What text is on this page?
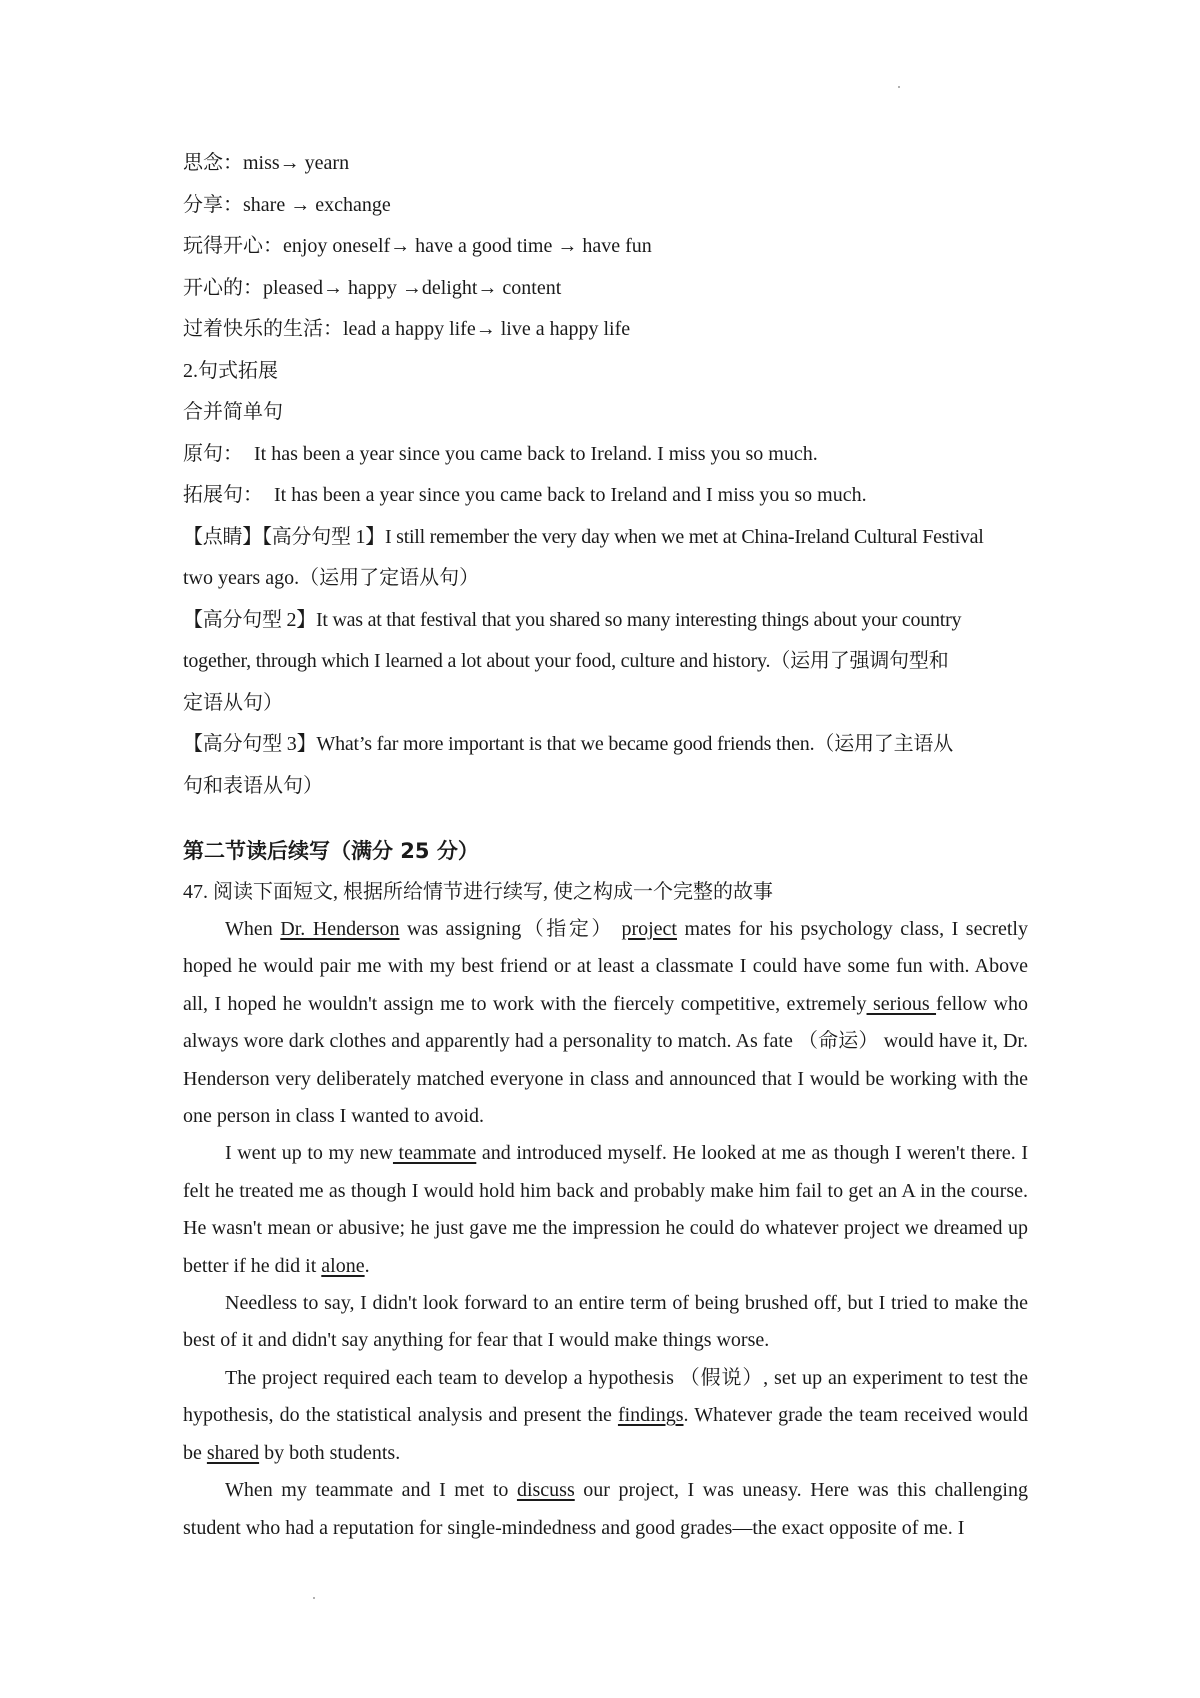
思念：miss→ yearn
分享：share → exchange
玩得开心：enjoy oneself→ have a good time → have fun
开心的：pleased→ happy →delight→ content
过着快乐的生活：lead a happy life→ live a happy life
2.句式拓展
合并简单句
原句： It has been a year since you came back to Ireland. I miss you so much.
拓展句： It has been a year since you came back to Ireland and I miss you so much.
【点睛】【高分句型 1】I still remember the very day when we met at China-Ireland Cultural Festival
two years ago.（运用了定语从句）
【高分句型 2】It was at that festival that you shared so many interesting things about your country
together, through which I learned a lot about your food, culture and history.（运用了强调句型和
定语从句）
【高分句型 3】What’s far more important is that we became good friends then.（运用了主语从
句和表语从句）
第二节读后续写（满分 25 分）
47. 阅读下面短文, 根据所给情节进行续写, 使之构成一个完整的故事

When Dr. Henderson was assigning（指定） project mates for his psychology class, I secretly hoped he would pair me with my best friend or at least a classmate I could have some fun with. Above all, I hoped he wouldn't assign me to work with the fiercely competitive, extremely serious fellow who always wore dark clothes and apparently had a personality to match. As fate （命运） would have it, Dr. Henderson very deliberately matched everyone in class and announced that I would be working with the one person in class I wanted to avoid.

I went up to my new teammate and introduced myself. He looked at me as though I weren't there. I felt he treated me as though I would hold him back and probably make him fail to get an A in the course. He wasn't mean or abusive; he just gave me the impression he could do whatever project we dreamed up better if he did it alone.

Needless to say, I didn't look forward to an entire term of being brushed off, but I tried to make the best of it and didn't say anything for fear that I would make things worse.

The project required each team to develop a hypothesis （假说）, set up an experiment to test the hypothesis, do the statistical analysis and present the findings. Whatever grade the team received would be shared by both students.

When my teammate and I met to discuss our project, I was uneasy. Here was this challenging student who had a reputation for single-mindedness and good grades—the exact opposite of me. I
